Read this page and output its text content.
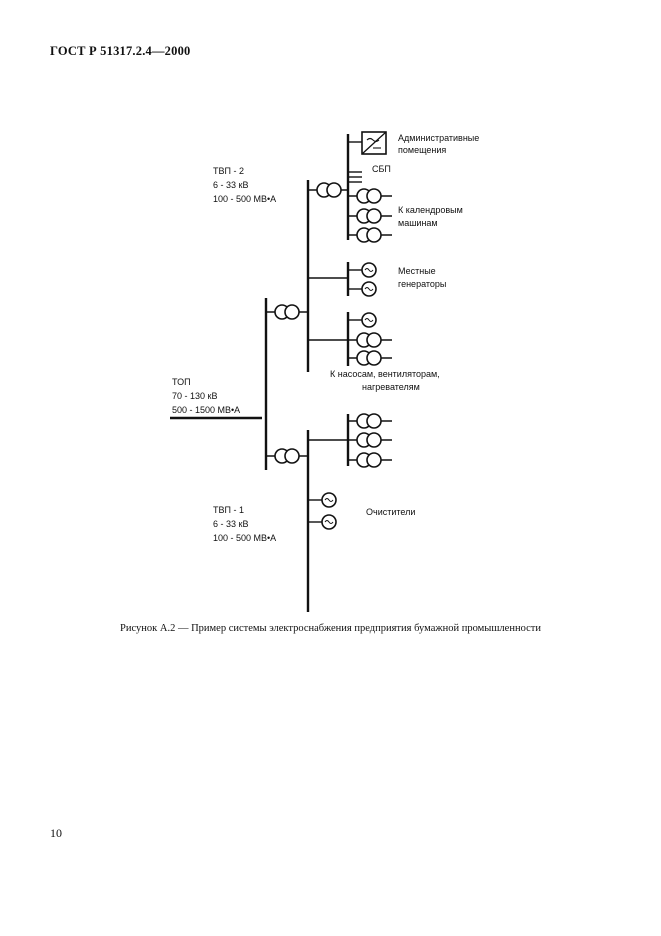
ГОСТ Р 51317.2.4—2000
Административные
помещения
СБП
ТВП - 2
6 - 33 кВ
100 - 500 МВ•А
К календровым
машинам
Местные
генераторы
К насосам, вентиляторам,
нагревателям
ТОП
70 - 130 кВ
500 - 1500 МВ•А
ТВП - 1
6 - 33 кВ
100 - 500 МВ•А
Очистители
Рисунок А.2 — Пример системы электроснабжения предприятия бумажной промышленности
10
